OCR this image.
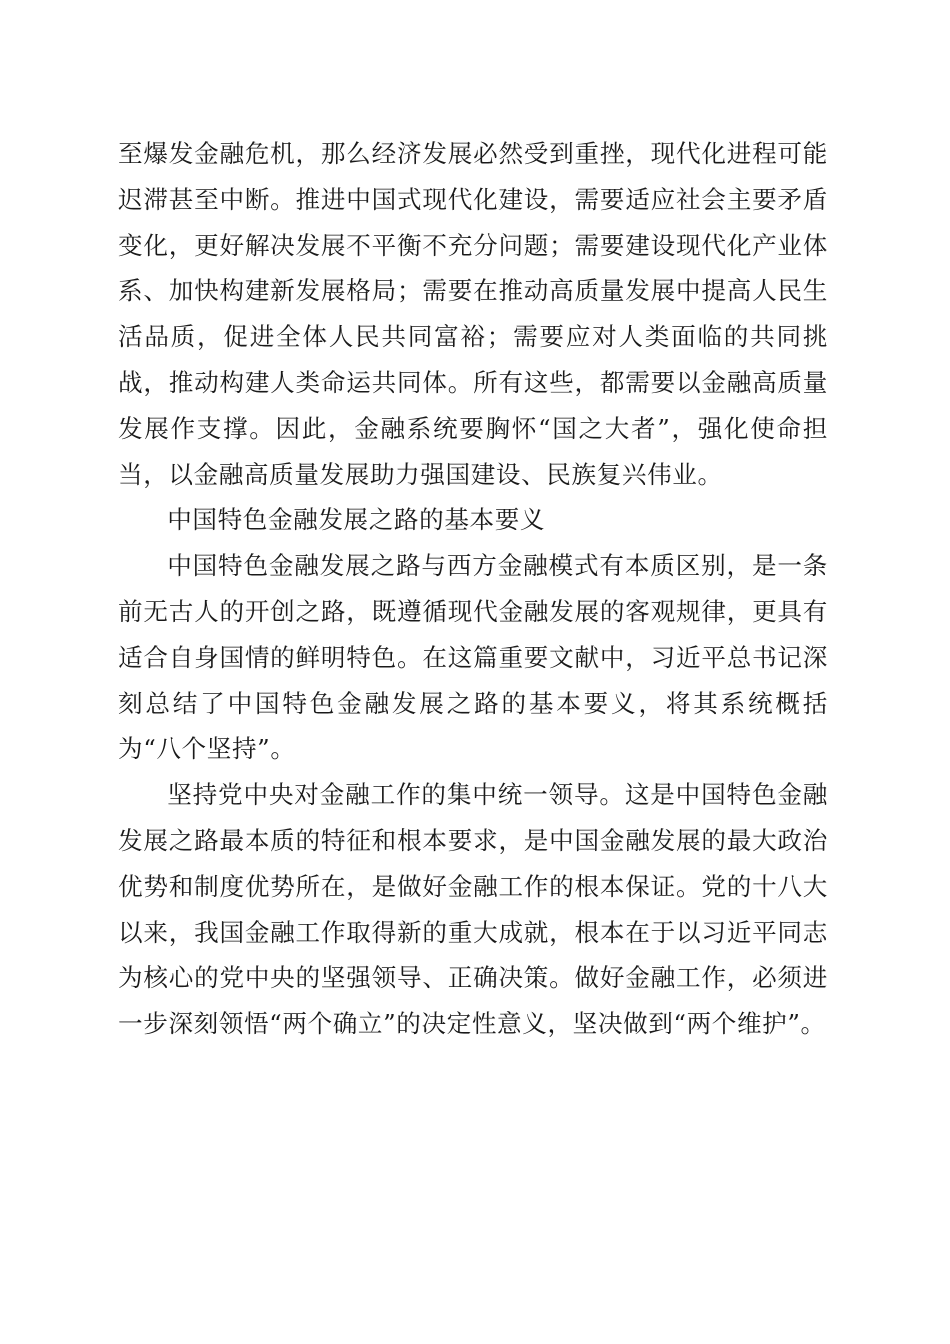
至爆发金融危机，那么经济发展必然受到重挫，现代化进程可能迟滞甚至中断。推进中国式现代化建设，需要适应社会主要矛盾变化，更好解决发展不平衡不充分问题；需要建设现代化产业体系、加快构建新发展格局；需要在推动高质量发展中提高人民生活品质，促进全体人民共同富裕；需要应对人类面临的共同挑战，推动构建人类命运共同体。所有这些，都需要以金融高质量发展作支撑。因此，金融系统要胸怀“国之大者”，强化使命担当，以金融高质量发展助力强国建设、民族复兴伟业。

中国特色金融发展之路的基本要义

中国特色金融发展之路与西方金融模式有本质区别，是一条前无古人的开创之路，既遵循现代金融发展的客观规律，更具有适合自身国情的鲜明特色。在这篇重要文献中，习近平总书记深刻总结了中国特色金融发展之路的基本要义，将其系统概括为“八个坚持”。

坚持党中央对金融工作的集中统一领导。这是中国特色金融发展之路最本质的特征和根本要求，是中国金融发展的最大政治优势和制度优势所在，是做好金融工作的根本保证。党的十八大以来，我国金融工作取得新的重大成就，根本在于以习近平同志为核心的党中央的坚强领导、正确决策。做好金融工作，必须进一步深刻领悟“两个确立”的决定性意义，坚决做到“两个维护”。
